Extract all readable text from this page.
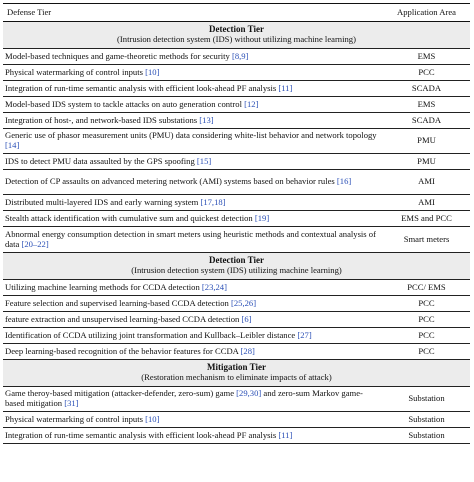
Defense Tier	Application Area
Detection Tier
(Intrusion detection system (IDS) without utilizing machine learning)	

Model-based techniques and game-theoretic methods for security [8,9]	EMS
Physical watermarking of control inputs [10]	PCC
Integration of run-time semantic analysis with efficient look-ahead PF analysis [11]	SCADA
Model-based IDS system to tackle attacks on auto generation control [12]	EMS
Integration of host-, and network-based IDS substations [13]	SCADA
Generic use of phasor measurement units (PMU) data considering white-list behavior and network topology [14]	PMU
IDS to detect PMU data assaulted by the GPS spoofing [15]	PMU
Detection of CP assaults on advanced metering network (AMI) systems based on behavior rules [16]	AMI
Distributed multi-layered IDS and early warning system [17,18]	AMI
Stealth attack identification with cumulative sum and quickest detection [19]	EMS and PCC
Abnormal energy consumption detection in smart meters using heuristic methods and contextual analysis of data [20–22]	Smart meters
Detection Tier
(Intrusion detection system (IDS) utilizing machine learning)	

Utilizing machine learning methods for CCDA detection [23,24]	PCC/ EMS
Feature selection and supervised learning-based CCDA detection [25,26]	PCC
feature extraction and unsupervised learning-based CCDA detection [6]	PCC
Identification of CCDA utilizing joint transformation and Kullback–Leibler distance [27]	PCC
Deep learning-based recognition of the behavior features for CCDA [28]	PCC
Mitigation Tier
(Restoration mechanism to eliminate impacts of attack)	

Game theroy-based mitigation (attacker-defender, zero-sum) game [29,30] and zero-sum Markov game-based mitigation [31]	Substation
Physical watermarking of control inputs [10]	Substation
Integration of run-time semantic analysis with efficient look-ahead PF analysis [11]	Substation
